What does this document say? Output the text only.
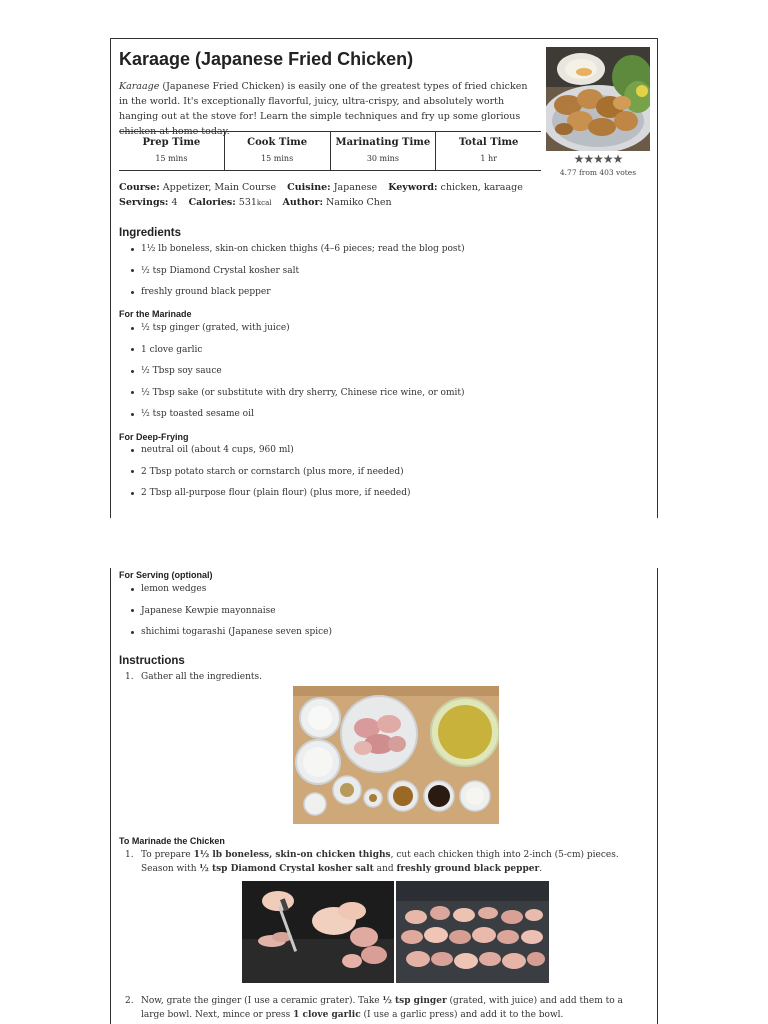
Karaage (Japanese Fried Chicken)

Karaage (Japanese Fried Chicken) is easily one of the greatest types of fried chicken in the world. It's exceptionally flavorful, juicy, ultra-crispy, and absolutely worth hanging out at the stove for! Learn the simple techniques and fry up some glorious chicken at home today.

★★★★★
4.77 from 403 votes
Prep Time
15 mins
Cook Time
15 mins
Marinating Time
30 mins
Total Time
1 hr
Course: Appetizer, Main Course Cuisine: Japanese Keyword: chicken, karaage
Servings: 4 Calories: 531kcal Author: Namiko Chen
Ingredients
1½ lb boneless, skin-on chicken thighs (4–6 pieces; read the blog post)
½ tsp Diamond Crystal kosher salt
freshly ground black pepper
For the Marinade
½ tsp ginger (grated, with juice)
1 clove garlic
½ Tbsp soy sauce
½ Tbsp sake (or substitute with dry sherry, Chinese rice wine, or omit)
½ tsp toasted sesame oil
For Deep-Frying
neutral oil (about 4 cups, 960 ml)
2 Tbsp potato starch or cornstarch (plus more, if needed)
2 Tbsp all-purpose flour (plain flour) (plus more, if needed)
For Serving (optional)
lemon wedges
Japanese Kewpie mayonnaise
shichimi togarashi (Japanese seven spice)
Instructions
1. Gather all the ingredients.
To Marinade the Chicken
1. To prepare 1½ lb boneless, skin-on chicken thighs, cut each chicken thigh into 2-inch (5-cm) pieces. Season with ½ tsp Diamond Crystal kosher salt and freshly ground black pepper.
2. Now, grate the ginger (I use a ceramic grater). Take ½ tsp ginger (grated, with juice) and add them to a large bowl. Next, mince or press 1 clove garlic (I use a garlic press) and add it to the bowl.
